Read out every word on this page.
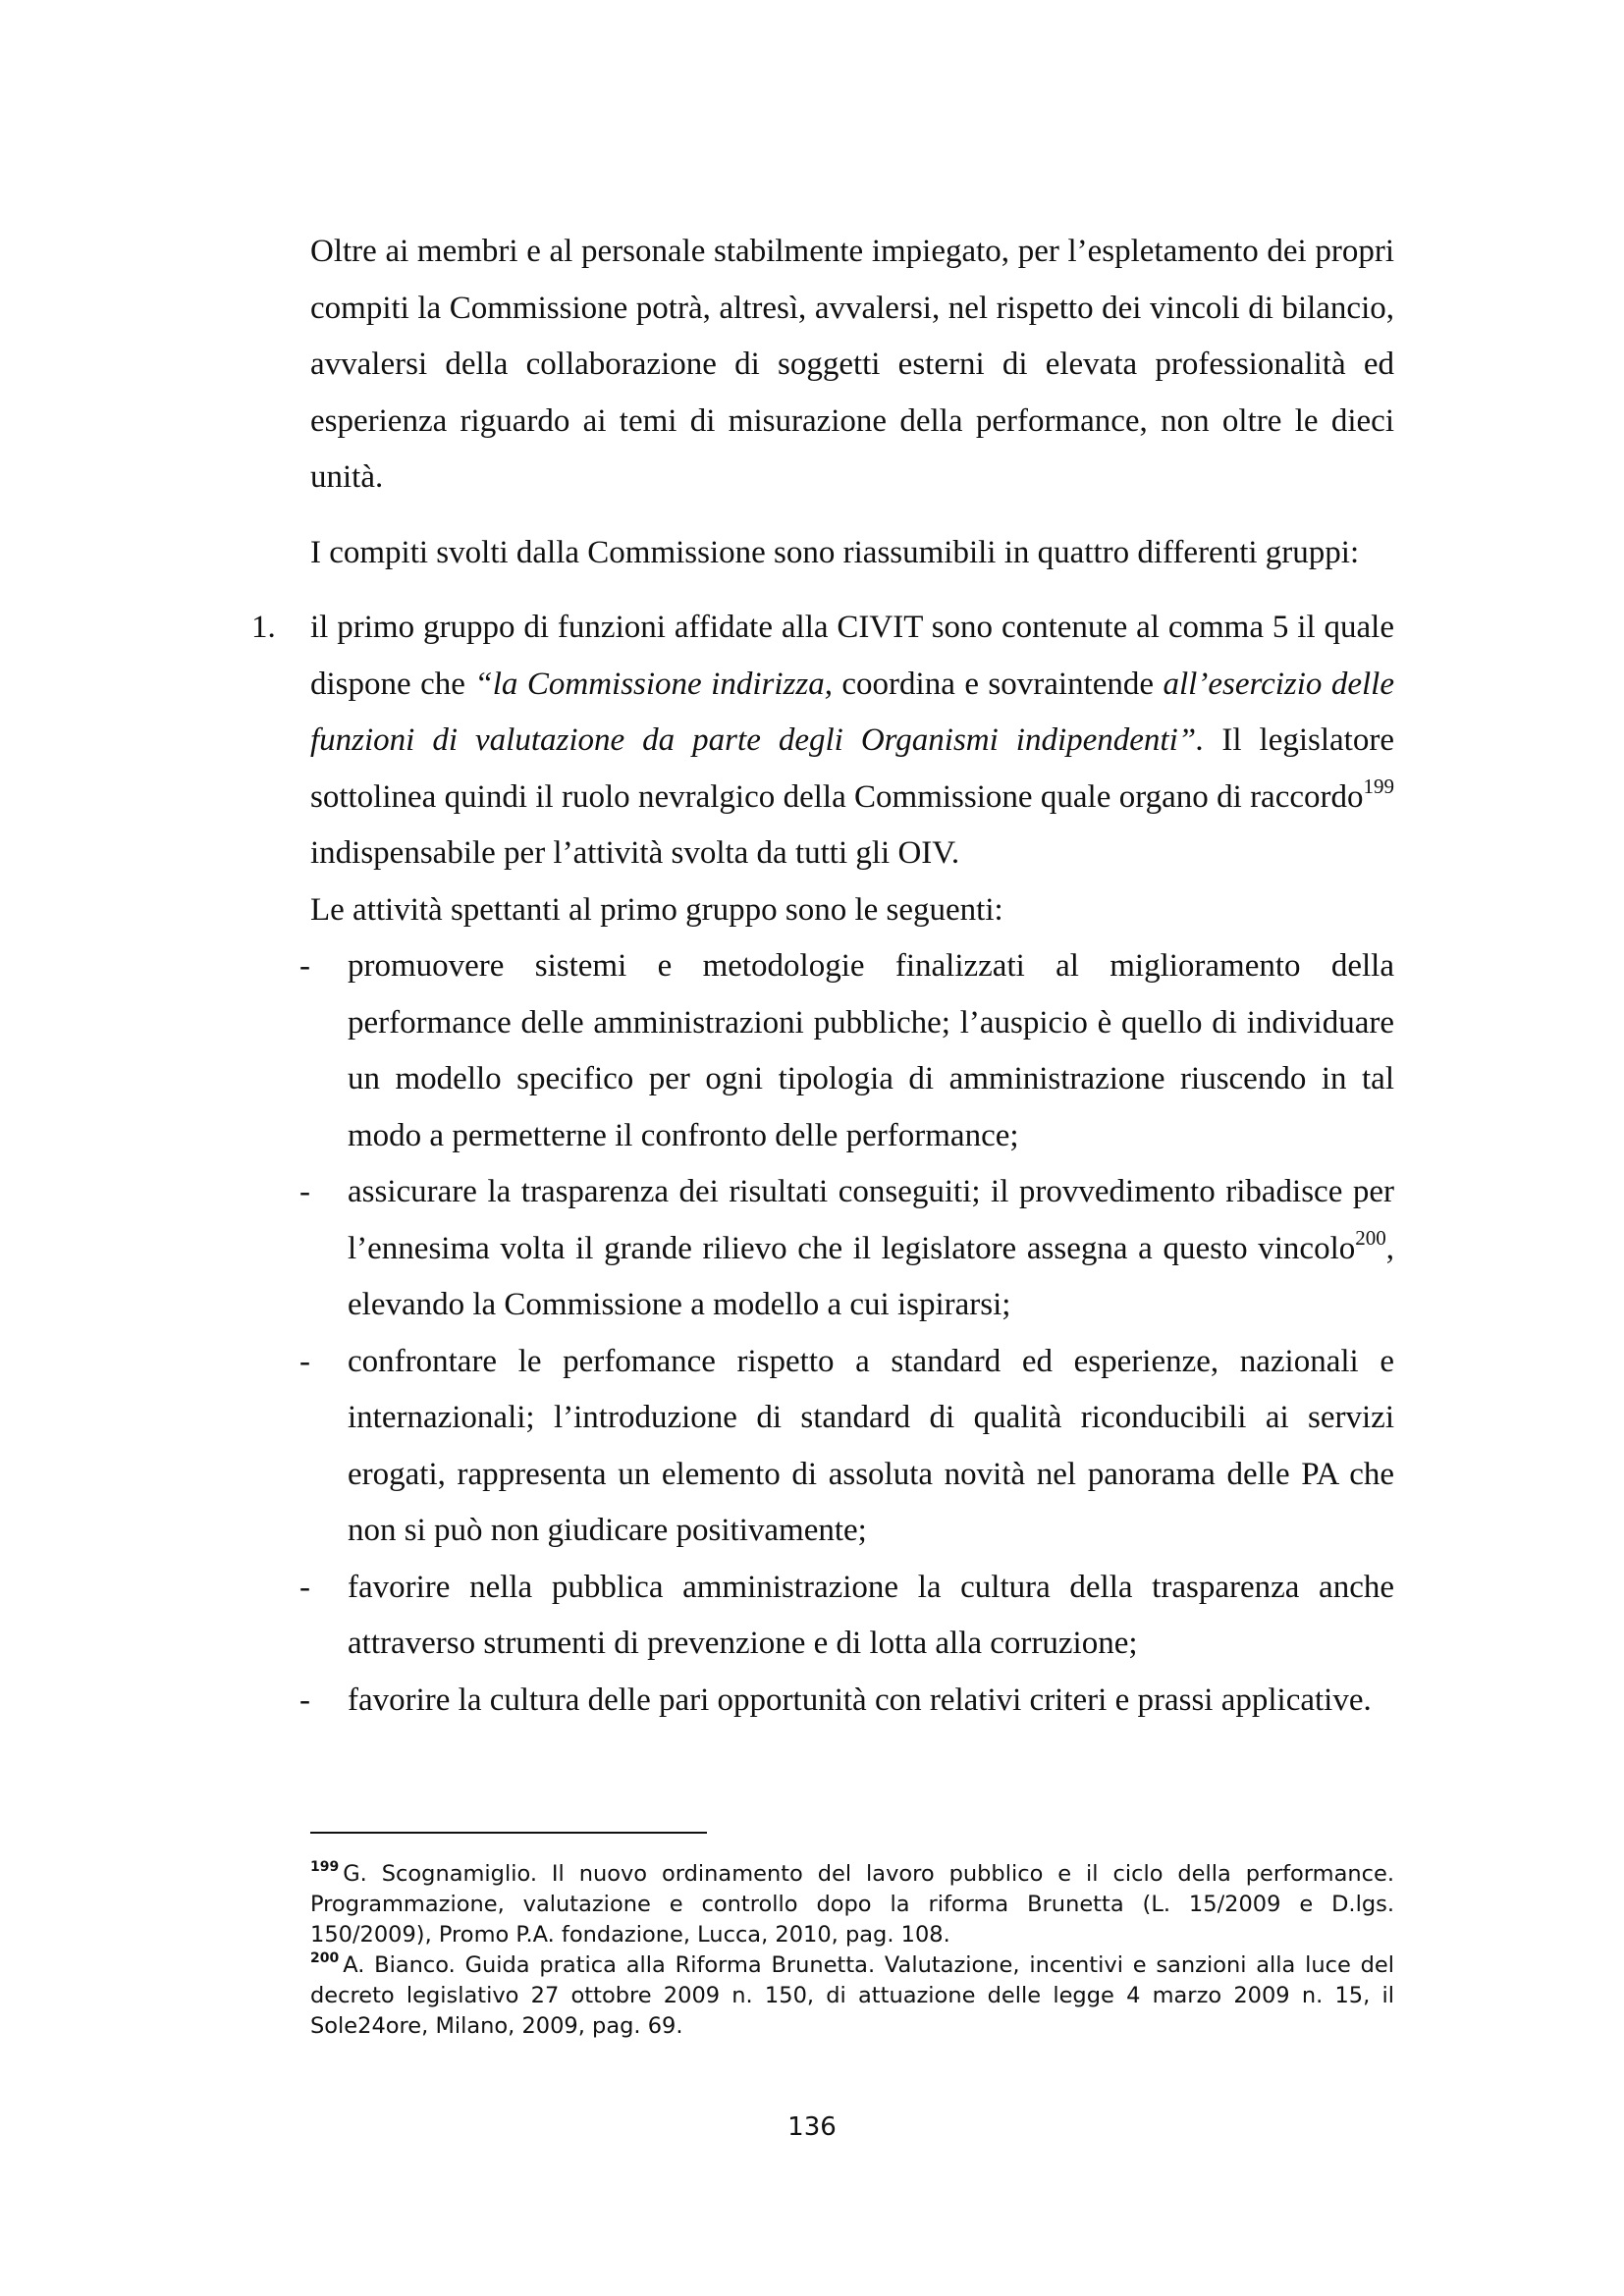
Oltre ai membri e al personale stabilmente impiegato, per l’espletamento dei propri compiti la Commissione potrà, altresì, avvalersi, nel rispetto dei vincoli di bilancio, avvalersi della collaborazione di soggetti esterni di elevata professionalità ed esperienza riguardo ai temi di misurazione della performance, non oltre le dieci unità.

I compiti svolti dalla Commissione sono riassumibili in quattro differenti gruppi:

1. il primo gruppo di funzioni affidate alla CIVIT sono contenute al comma 5 il quale dispone che “la Commissione indirizza, coordina e sovraintende all’esercizio delle funzioni di valutazione da parte degli Organismi indipendenti”. Il legislatore sottolinea quindi il ruolo nevralgico della Commissione quale organo di raccordo$^{199}$ indispensabile per l’attività svolta da tutti gli OIV.

Le attività spettanti al primo gruppo sono le seguenti:

- promuovere sistemi e metodologie finalizzati al miglioramento della performance delle amministrazioni pubbliche; l’auspicio è quello di individuare un modello specifico per ogni tipologia di amministrazione riuscendo in tal modo a permetterne il confronto delle performance;
- assicurare la trasparenza dei risultati conseguiti; il provvedimento ribadisce per l’ennesima volta il grande rilievo che il legislatore assegna a questo vincolo$^{200}$, elevando la Commissione a modello a cui ispirarsi;
- confrontare le perfomance rispetto a standard ed esperienze, nazionali e internazionali; l’introduzione di standard di qualità riconducibili ai servizi erogati, rappresenta un elemento di assoluta novità nel panorama delle PA che non si può non giudicare positivamente;
- favorire nella pubblica amministrazione la cultura della trasparenza anche attraverso strumenti di prevenzione e di lotta alla corruzione;
- favorire la cultura delle pari opportunità con relativi criteri e prassi applicative.

$^{199}$ G. Scognamiglio. Il nuovo ordinamento del lavoro pubblico e il ciclo della performance. Programmazione, valutazione e controllo dopo la riforma Brunetta (L. 15/2009 e D.lgs. 150/2009), Promo P.A. fondazione, Lucca, 2010, pag. 108.

$^{200}$ A. Bianco. Guida pratica alla Riforma Brunetta. Valutazione, incentivi e sanzioni alla luce del decreto legislativo 27 ottobre 2009 n. 150, di attuazione delle legge 4 marzo 2009 n. 15, il Sole24ore, Milano, 2009, pag. 69.

136
